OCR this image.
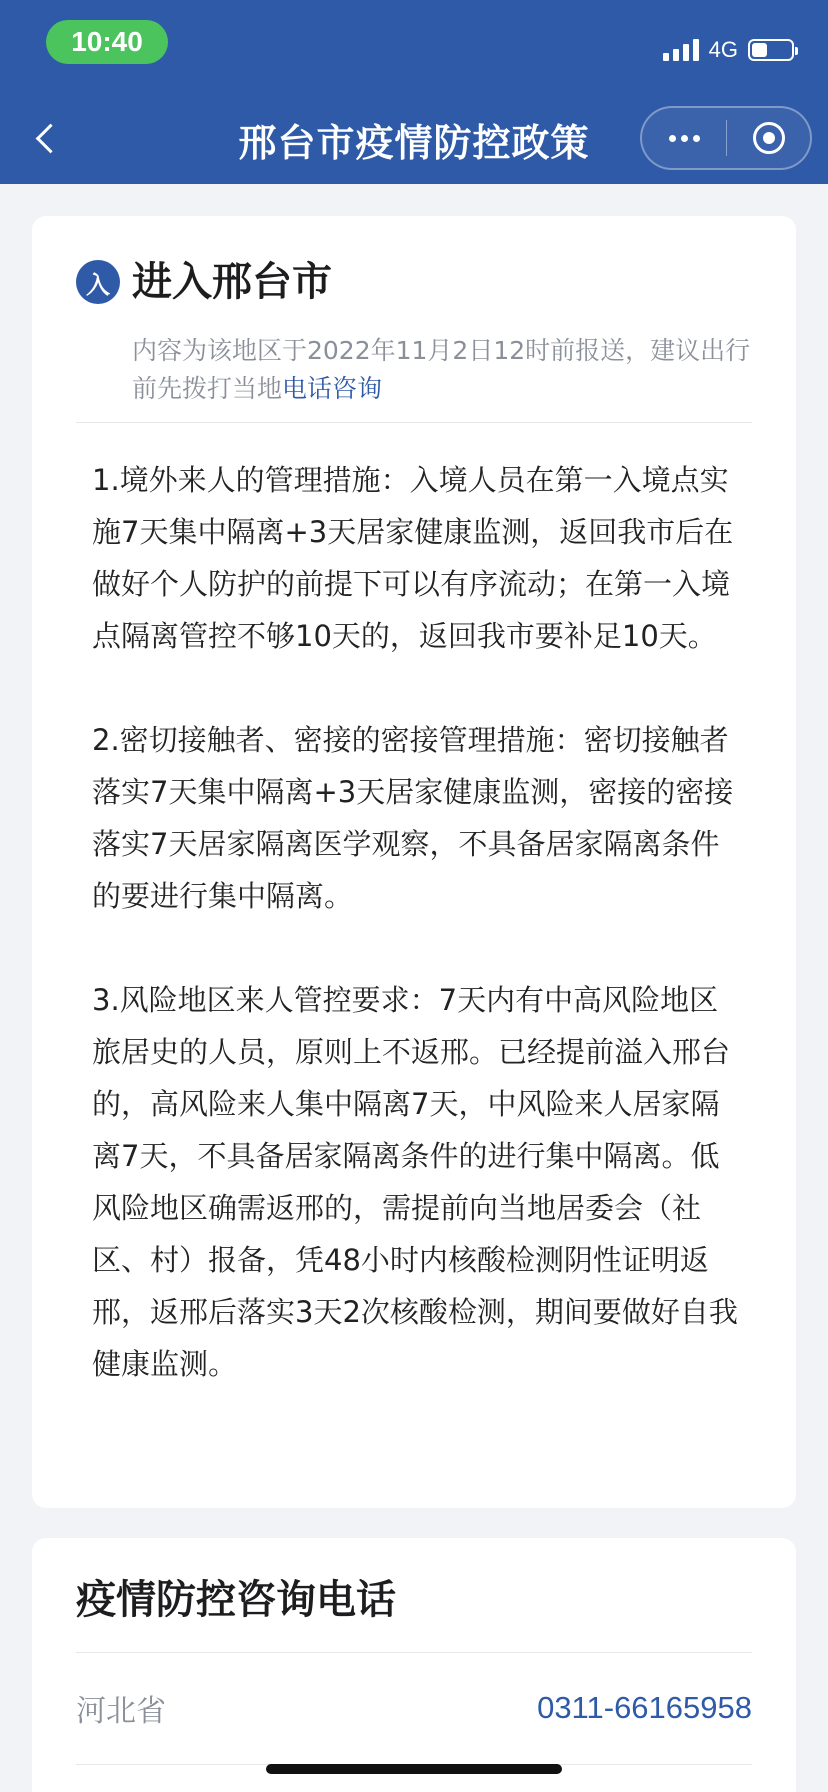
10:40	4G
邢台市疫情防控政策
入 进入邢台市
内容为该地区于2022年11月2日12时前报送，建议出行前先拨打当地电话咨询

1.境外来人的管理措施：入境人员在第一入境点实施7天集中隔离+3天居家健康监测，返回我市后在做好个人防护的前提下可以有序流动；在第一入境点隔离管控不够10天的，返回我市要补足10天。

2.密切接触者、密接的密接管理措施：密切接触者落实7天集中隔离+3天居家健康监测，密接的密接落实7天居家隔离医学观察，不具备居家隔离条件的要进行集中隔离。

3.风险地区来人管控要求：7天内有中高风险地区旅居史的人员，原则上不返邢。已经提前溢入邢台的，高风险来人集中隔离7天，中风险来人居家隔离7天，不具备居家隔离条件的进行集中隔离。低风险地区确需返邢的，需提前向当地居委会（社区、村）报备，凭48小时内核酸检测阴性证明返邢，返邢后落实3天2次核酸检测，期间要做好自我健康监测。

疫情防控咨询电话
河北省	0311-66165958
